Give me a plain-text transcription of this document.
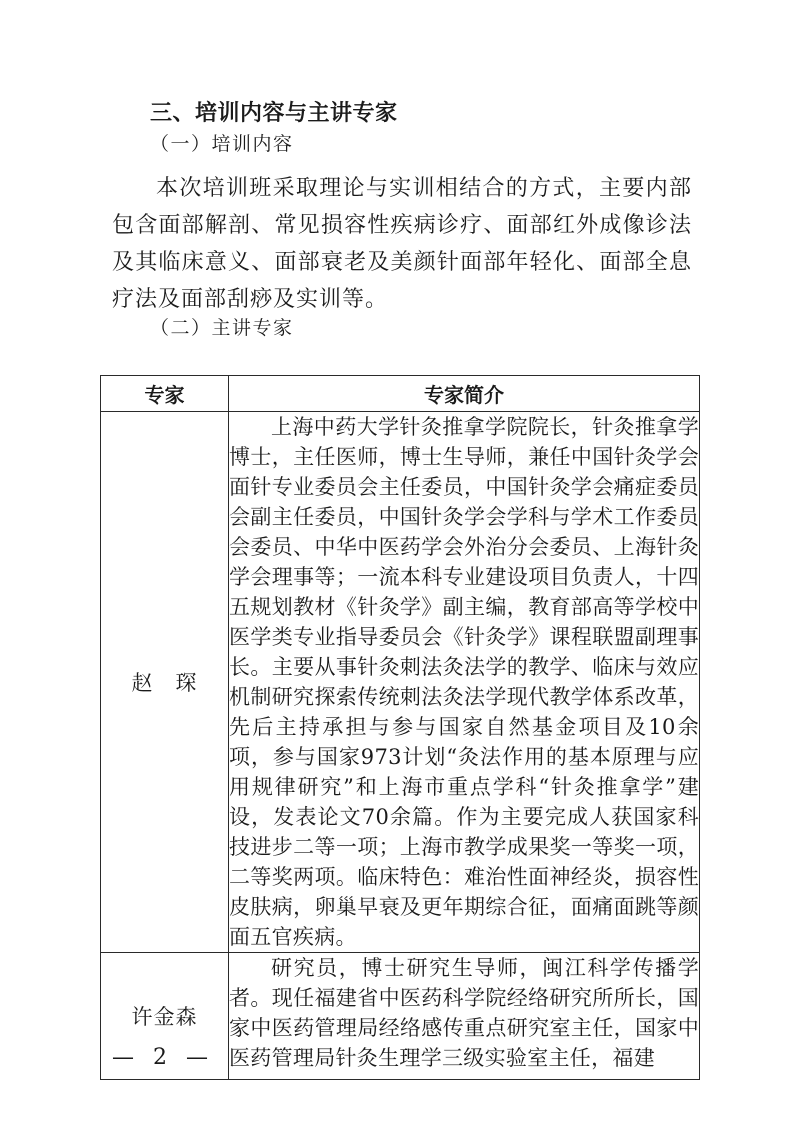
三、培训内容与主讲专家
（一）培训内容

本次培训班采取理论与实训相结合的方式，主要内部包含面部解剖、常见损容性疾病诊疗、面部红外成像诊法及其临床意义、面部衰老及美颜针面部年轻化、面部全息疗法及面部刮痧及实训等。

（二）主讲专家
专家	专家简介
赵　琛	上海中药大学针灸推拿学院院长，针灸推拿学博士，主任医师，博士生导师，兼任中国针灸学会面针专业委员会主任委员，中国针灸学会痛症委员会副主任委员，中国针灸学会学科与学术工作委员会委员、中华中医药学会外治分会委员、上海针灸学会理事等；一流本科专业建设项目负责人，十四五规划教材《针灸学》副主编，教育部高等学校中医学类专业指导委员会《针灸学》课程联盟副理事长。主要从事针灸刺法灸法学的教学、临床与效应机制研究探索传统刺法灸法学现代教学体系改革，先后主持承担与参与国家自然基金项目及10余项，参与国家973计划“灸法作用的基本原理与应用规律研究”和上海市重点学科“针灸推拿学”建设，发表论文70余篇。作为主要完成人获国家科技进步二等一项；上海市教学成果奖一等奖一项，二等奖两项。临床特色：难治性面神经炎，损容性皮肤病，卵巢早衰及更年期综合征，面痛面跳等颜面五官疾病。
许金森	研究员，博士研究生导师，闽江科学传播学者。现任福建省中医药科学院经络研究所所长，国家中医药管理局经络感传重点研究室主任，国家中医药管理局针灸生理学三级实验室主任，福建
— 2 —
